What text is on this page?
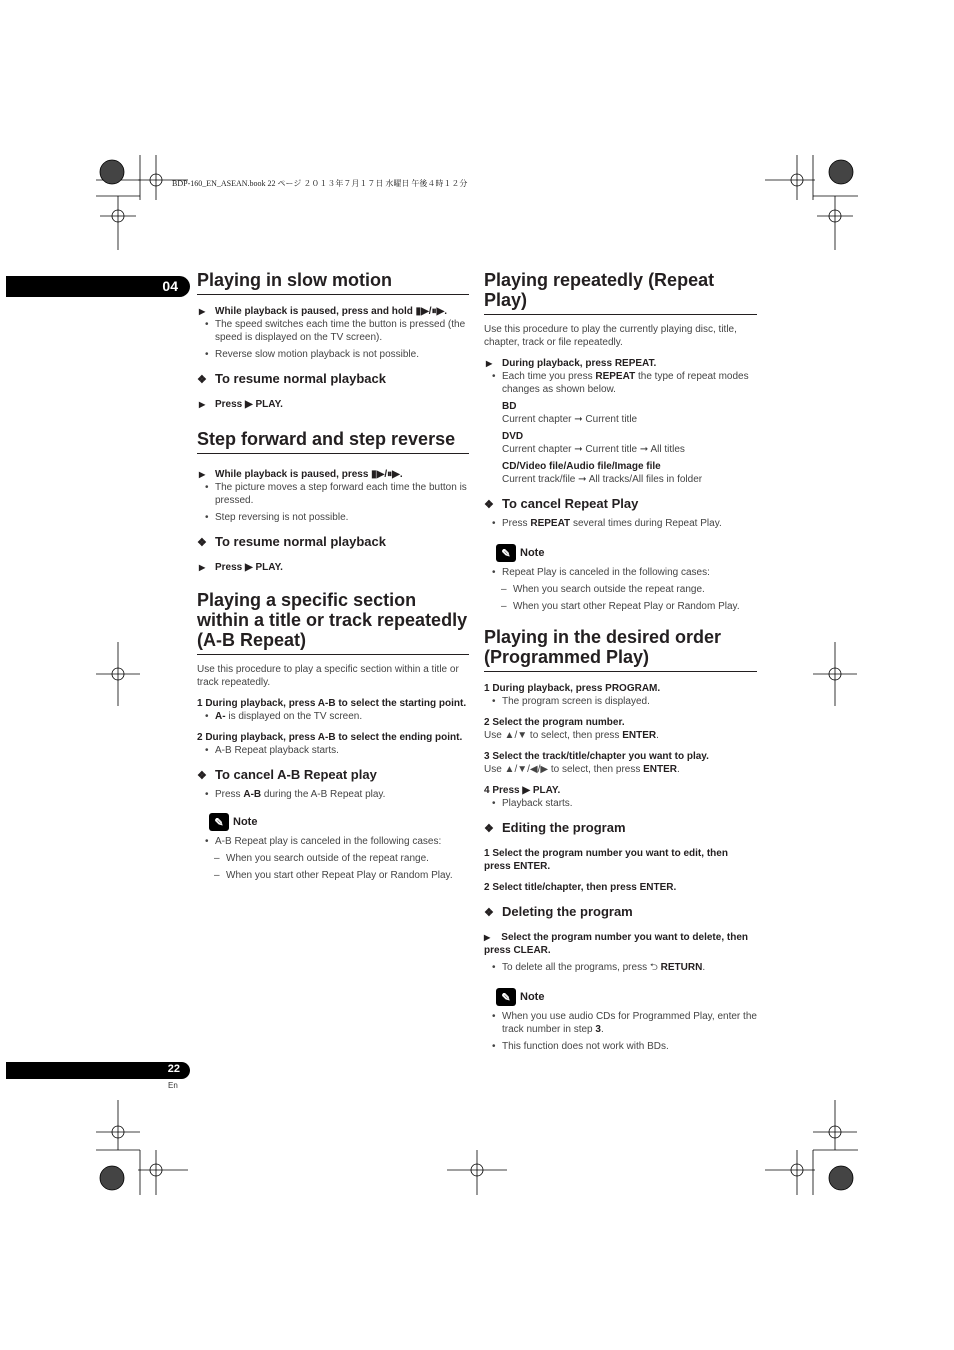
BDP-160_EN_ASEAN.book 22 ページ ２０１３年７月１７日 水曜日 午後４時１２分
04
22
En
Playing in slow motion

▶ While playback is paused, press and hold ▮▶/⏸▶.

• The speed switches each time the button is pressed (the speed is displayed on the TV screen).

• Reverse slow motion playback is not possible.

❖ To resume normal playback

▶ Press ▶ PLAY.

Step forward and step reverse

▶ While playback is paused, press ▮▶/⏸▶.

• The picture moves a step forward each time the button is pressed.

• Step reversing is not possible.

❖ To resume normal playback

▶ Press ▶ PLAY.

Playing a specific section within a title or track repeatedly (A-B Repeat)

Use this procedure to play a specific section within a title or track repeatedly.

1 During playback, press A-B to select the starting point.

• A- is displayed on the TV screen.

2 During playback, press A-B to select the ending point.

• A-B Repeat playback starts.

❖ To cancel A-B Repeat play

• Press A-B during the A-B Repeat play.

✎ Note

• A-B Repeat play is canceled in the following cases:

– When you search outside of the repeat range.

– When you start other Repeat Play or Random Play.

Playing repeatedly (Repeat Play)

Use this procedure to play the currently playing disc, title, chapter, track or file repeatedly.

▶ During playback, press REPEAT.

• Each time you press REPEAT the type of repeat modes changes as shown below.

BD

Current chapter ➞ Current title

DVD

Current chapter ➞ Current title ➞ All titles

CD/Video file/Audio file/Image file

Current track/file ➞ All tracks/All files in folder

❖ To cancel Repeat Play

• Press REPEAT several times during Repeat Play.

✎ Note

• Repeat Play is canceled in the following cases:

– When you search outside the repeat range.

– When you start other Repeat Play or Random Play.

Playing in the desired order (Programmed Play)

1 During playback, press PROGRAM.

• The program screen is displayed.

2 Select the program number.

Use ▲/▼ to select, then press ENTER.

3 Select the track/title/chapter you want to play.

Use ▲/▼/◀/▶ to select, then press ENTER.

4 Press ▶ PLAY.

• Playback starts.

❖ Editing the program

1 Select the program number you want to edit, then press ENTER.

2 Select title/chapter, then press ENTER.

❖ Deleting the program

▶ Select the program number you want to delete, then press CLEAR.

• To delete all the programs, press ⮌ RETURN.

✎ Note

• When you use audio CDs for Programmed Play, enter the track number in step 3.

• This function does not work with BDs.
